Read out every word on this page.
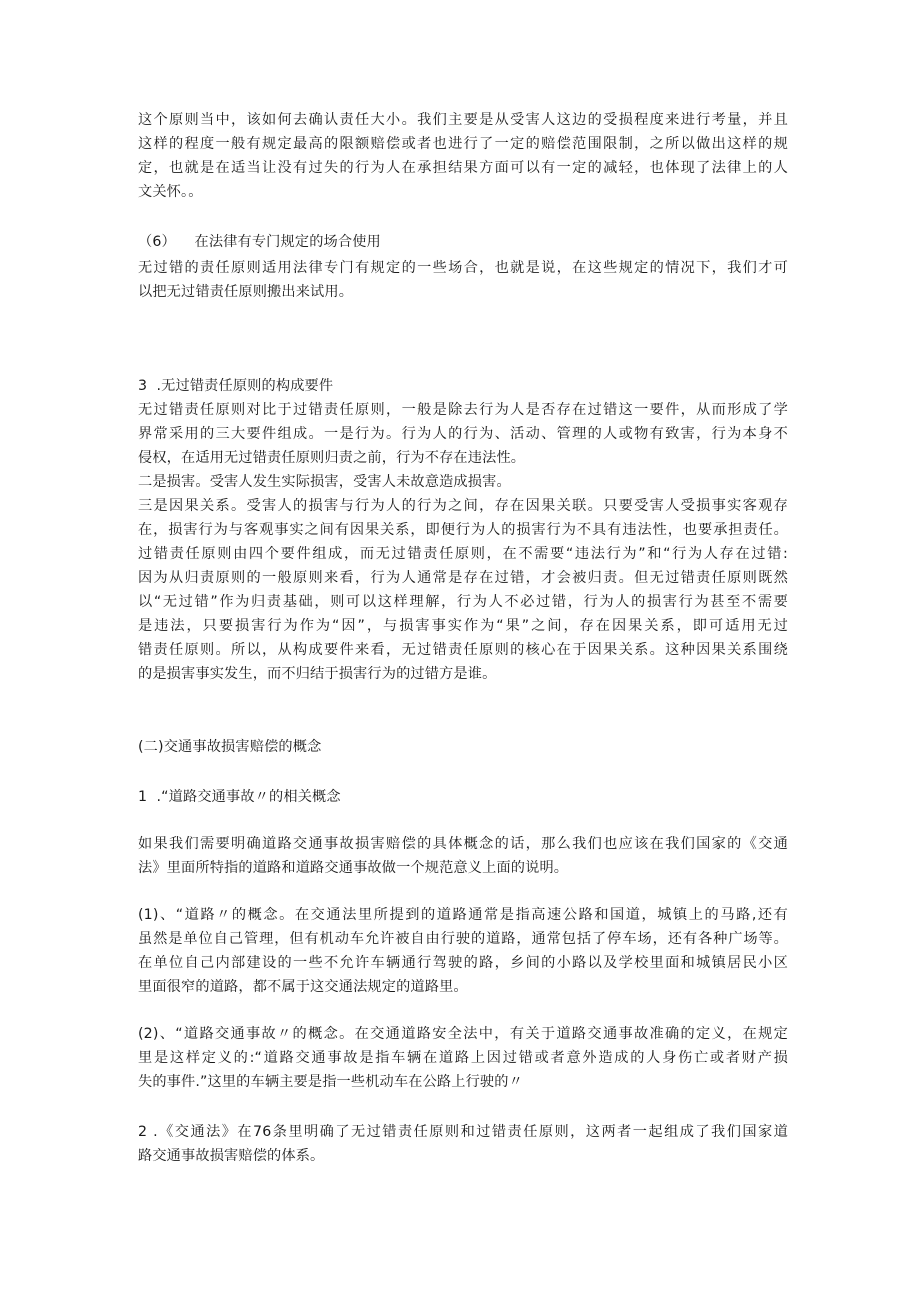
这个原则当中，该如何去确认责任大小。我们主要是从受害人这边的受损程度来进行考量，并且
这样的程度一般有规定最高的限额赔偿或者也进行了一定的赔偿范围限制，之所以做出这样的规
定，也就是在适当让没有过失的行为人在承担结果方面可以有一定的减轻，也体现了法律上的人
文关怀。。
（6）    在法律有专门规定的场合使用
无过错的责任原则适用法律专门有规定的一些场合，也就是说，在这些规定的情况下，我们才可
以把无过错责任原则搬出来试用。
3  .无过错责任原则的构成要件
无过错责任原则对比于过错责任原则，一般是除去行为人是否存在过错这一要件，从而形成了学
界常采用的三大要件组成。一是行为。行为人的行为、活动、管理的人或物有致害，行为本身不
侵权，在适用无过错责任原则归责之前，行为不存在违法性。
二是损害。受害人发生实际损害，受害人未故意造成损害。
三是因果关系。受害人的损害与行为人的行为之间，存在因果关联。只要受害人受损事实客观存
在，损害行为与客观事实之间有因果关系，即便行为人的损害行为不具有违法性，也要承担责任。
过错责任原则由四个要件组成，而无过错责任原则，在不需要“违法行为”和“行为人存在过错:
因为从归责原则的一般原则来看，行为人通常是存在过错，才会被归责。但无过错责任原则既然
以“无过错”作为归责基础，则可以这样理解，行为人不必过错，行为人的损害行为甚至不需要
是违法，只要损害行为作为“因”，与损害事实作为“果”之间，存在因果关系，即可适用无过
错责任原则。所以，从构成要件来看，无过错责任原则的核心在于因果关系。这种因果关系围绕
的是损害事实发生，而不归结于损害行为的过错方是谁。
(二)交通事故损害赔偿的概念
1  .“道路交通事故〃的相关概念
如果我们需要明确道路交通事故损害赔偿的具体概念的话，那么我们也应该在我们国家的《交通
法》里面所特指的道路和道路交通事故做一个规范意义上面的说明。
(1)、“道路〃的概念。在交通法里所提到的道路通常是指高速公路和国道，城镇上的马路,还有
虽然是单位自己管理，但有机动车允许被自由行驶的道路，通常包括了停车场，还有各种广场等。
在单位自己内部建设的一些不允许车辆通行驾驶的路，乡间的小路以及学校里面和城镇居民小区
里面很窄的道路，都不属于这交通法规定的道路里。
(2)、“道路交通事故〃的概念。在交通道路安全法中，有关于道路交通事故准确的定义，在规定
里是这样定义的:“道路交通事故是指车辆在道路上因过错或者意外造成的人身伤亡或者财产损
失的事件.”这里的车辆主要是指一些机动车在公路上行驶的〃
2 .《交通法》在76条里明确了无过错责任原则和过错责任原则，这两者一起组成了我们国家道
路交通事故损害赔偿的体系。
